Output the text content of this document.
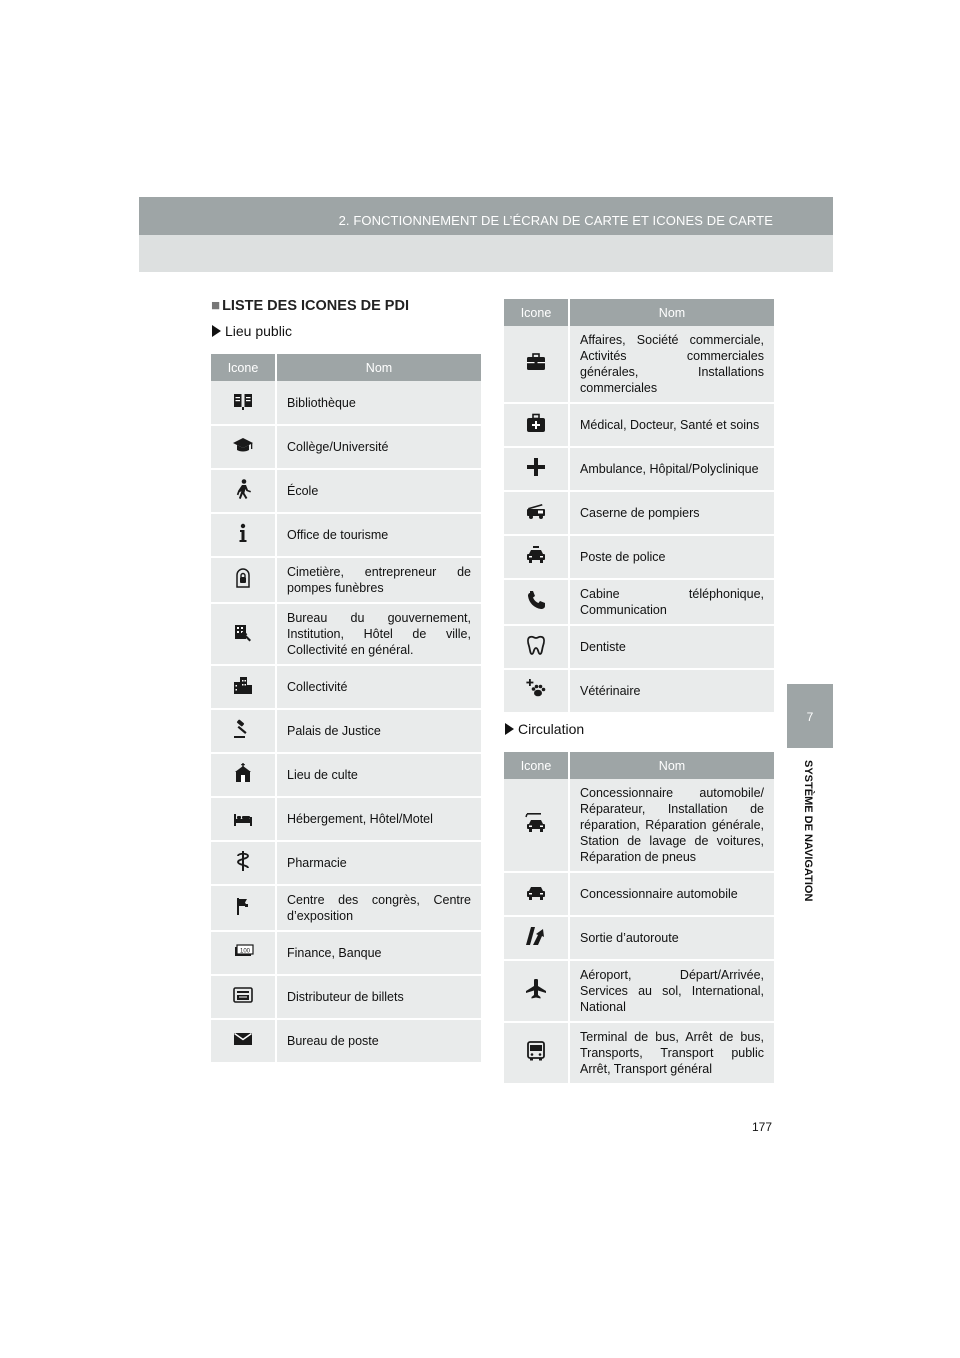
2. FONCTIONNEMENT DE L’ÉCRAN DE CARTE ET ICONES DE CARTE
7
SYSTÈME DE NAVIGATION
■ LISTE DES ICONES DE PDI
Lieu public
Icone	Nom

	Bibliothèque

	Collège/Université

	École

	Office de tourisme

	Cimetière, entrepreneur de pompes funèbres

	Bureau du gouvernement, Institution, Hôtel de ville, Collectivité en général.

	Collectivité

	Palais de Justice

	Lieu de culte

	Hébergement, Hôtel/Motel

	Pharmacie

	Centre des congrès, Centre d’exposition

100	Finance, Banque

	Distributeur de billets

	Bureau de poste
Icone	Nom

	Affaires, Société commerciale, Activités commerciales générales, Installations commerciales

	Médical, Docteur, Santé et soins

	Ambulance, Hôpital/Polyclinique

	Caserne de pompiers

	Poste de police

	Cabine téléphonique, Communication

	Dentiste

	Vétérinaire
Circulation
Icone	Nom

	Concessionnaire automobile/ Réparateur, Installation de réparation, Réparation générale, Station de lavage de voitures, Réparation de pneus

	Concessionnaire automobile

	Sortie d’autoroute

	Aéroport, Départ/Arrivée, Services au sol, International, National

	Terminal de bus, Arrêt de bus, Transports, Transport public Arrêt, Transport général
177
